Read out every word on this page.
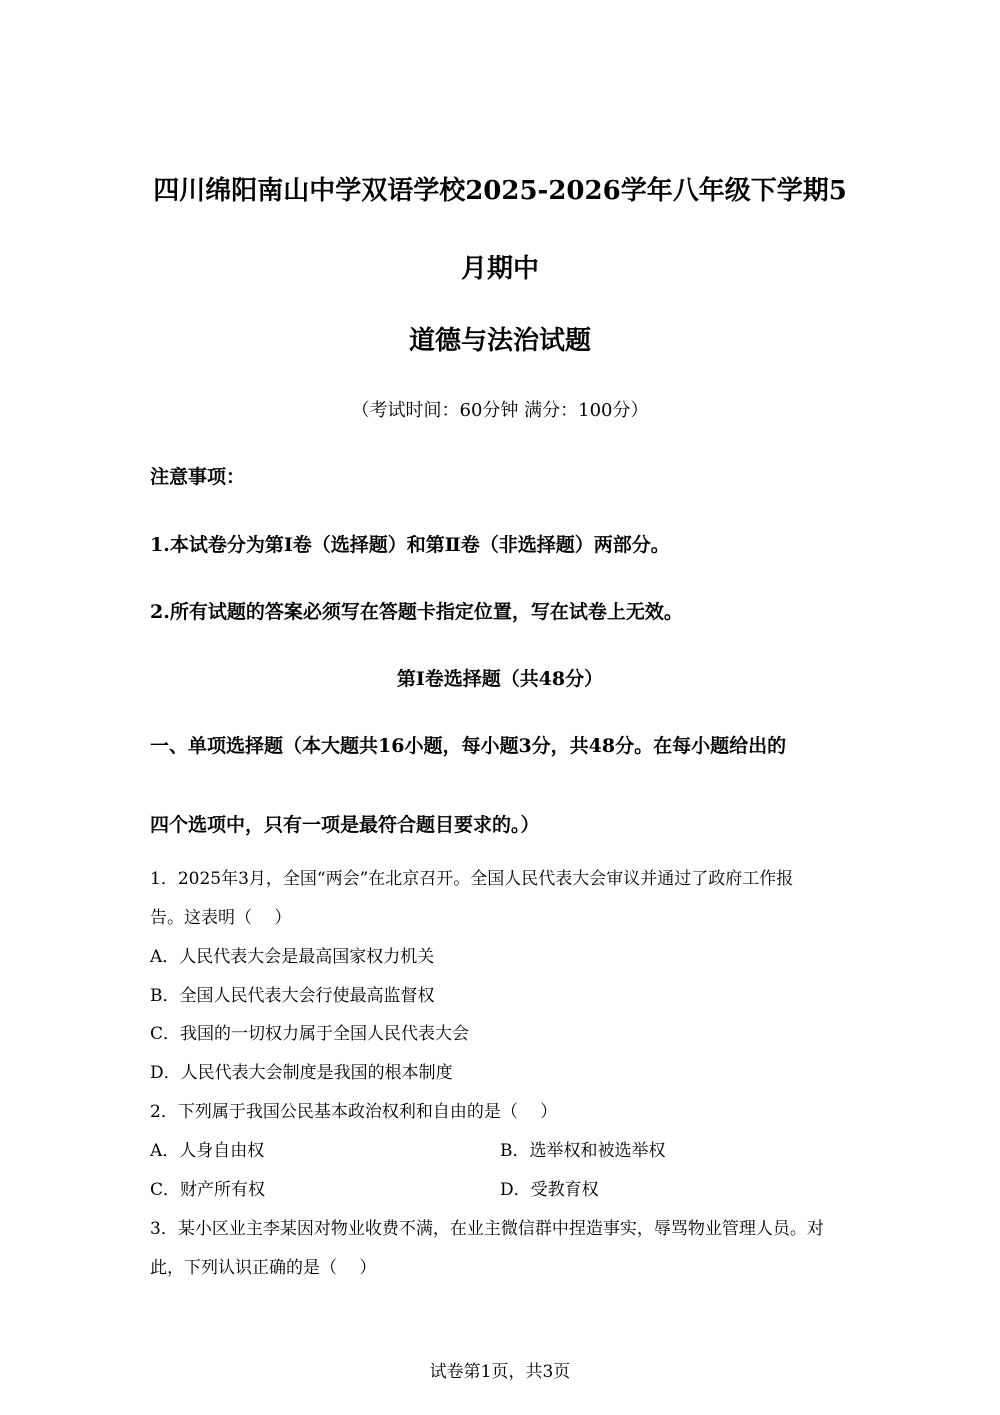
四川绵阳南山中学双语学校2025-2026学年八年级下学期5
月期中
道德与法治试题
（考试时间：60分钟 满分：100分）
注意事项：
1.本试卷分为第Ⅰ卷（选择题）和第Ⅱ卷（非选择题）两部分。
2.所有试题的答案必须写在答题卡指定位置，写在试卷上无效。
第Ⅰ卷选择题（共48分）
一、单项选择题（本大题共16小题，每小题3分，共48分。在每小题给出的
四个选项中，只有一项是最符合题目要求的。）
1．2025年3月，全国“两会”在北京召开。全国人民代表大会审议并通过了政府工作报
告。这表明（　 ）
A．人民代表大会是最高国家权力机关
B．全国人民代表大会行使最高监督权
C．我国的一切权力属于全国人民代表大会
D．人民代表大会制度是我国的根本制度
2．下列属于我国公民基本政治权利和自由的是（　 ）
A．人身自由权	B．选举权和被选举权
C．财产所有权	D．受教育权
3．某小区业主李某因对物业收费不满，在业主微信群中捏造事实，辱骂物业管理人员。对
此，下列认识正确的是（　 ）
试卷第1页，共3页
